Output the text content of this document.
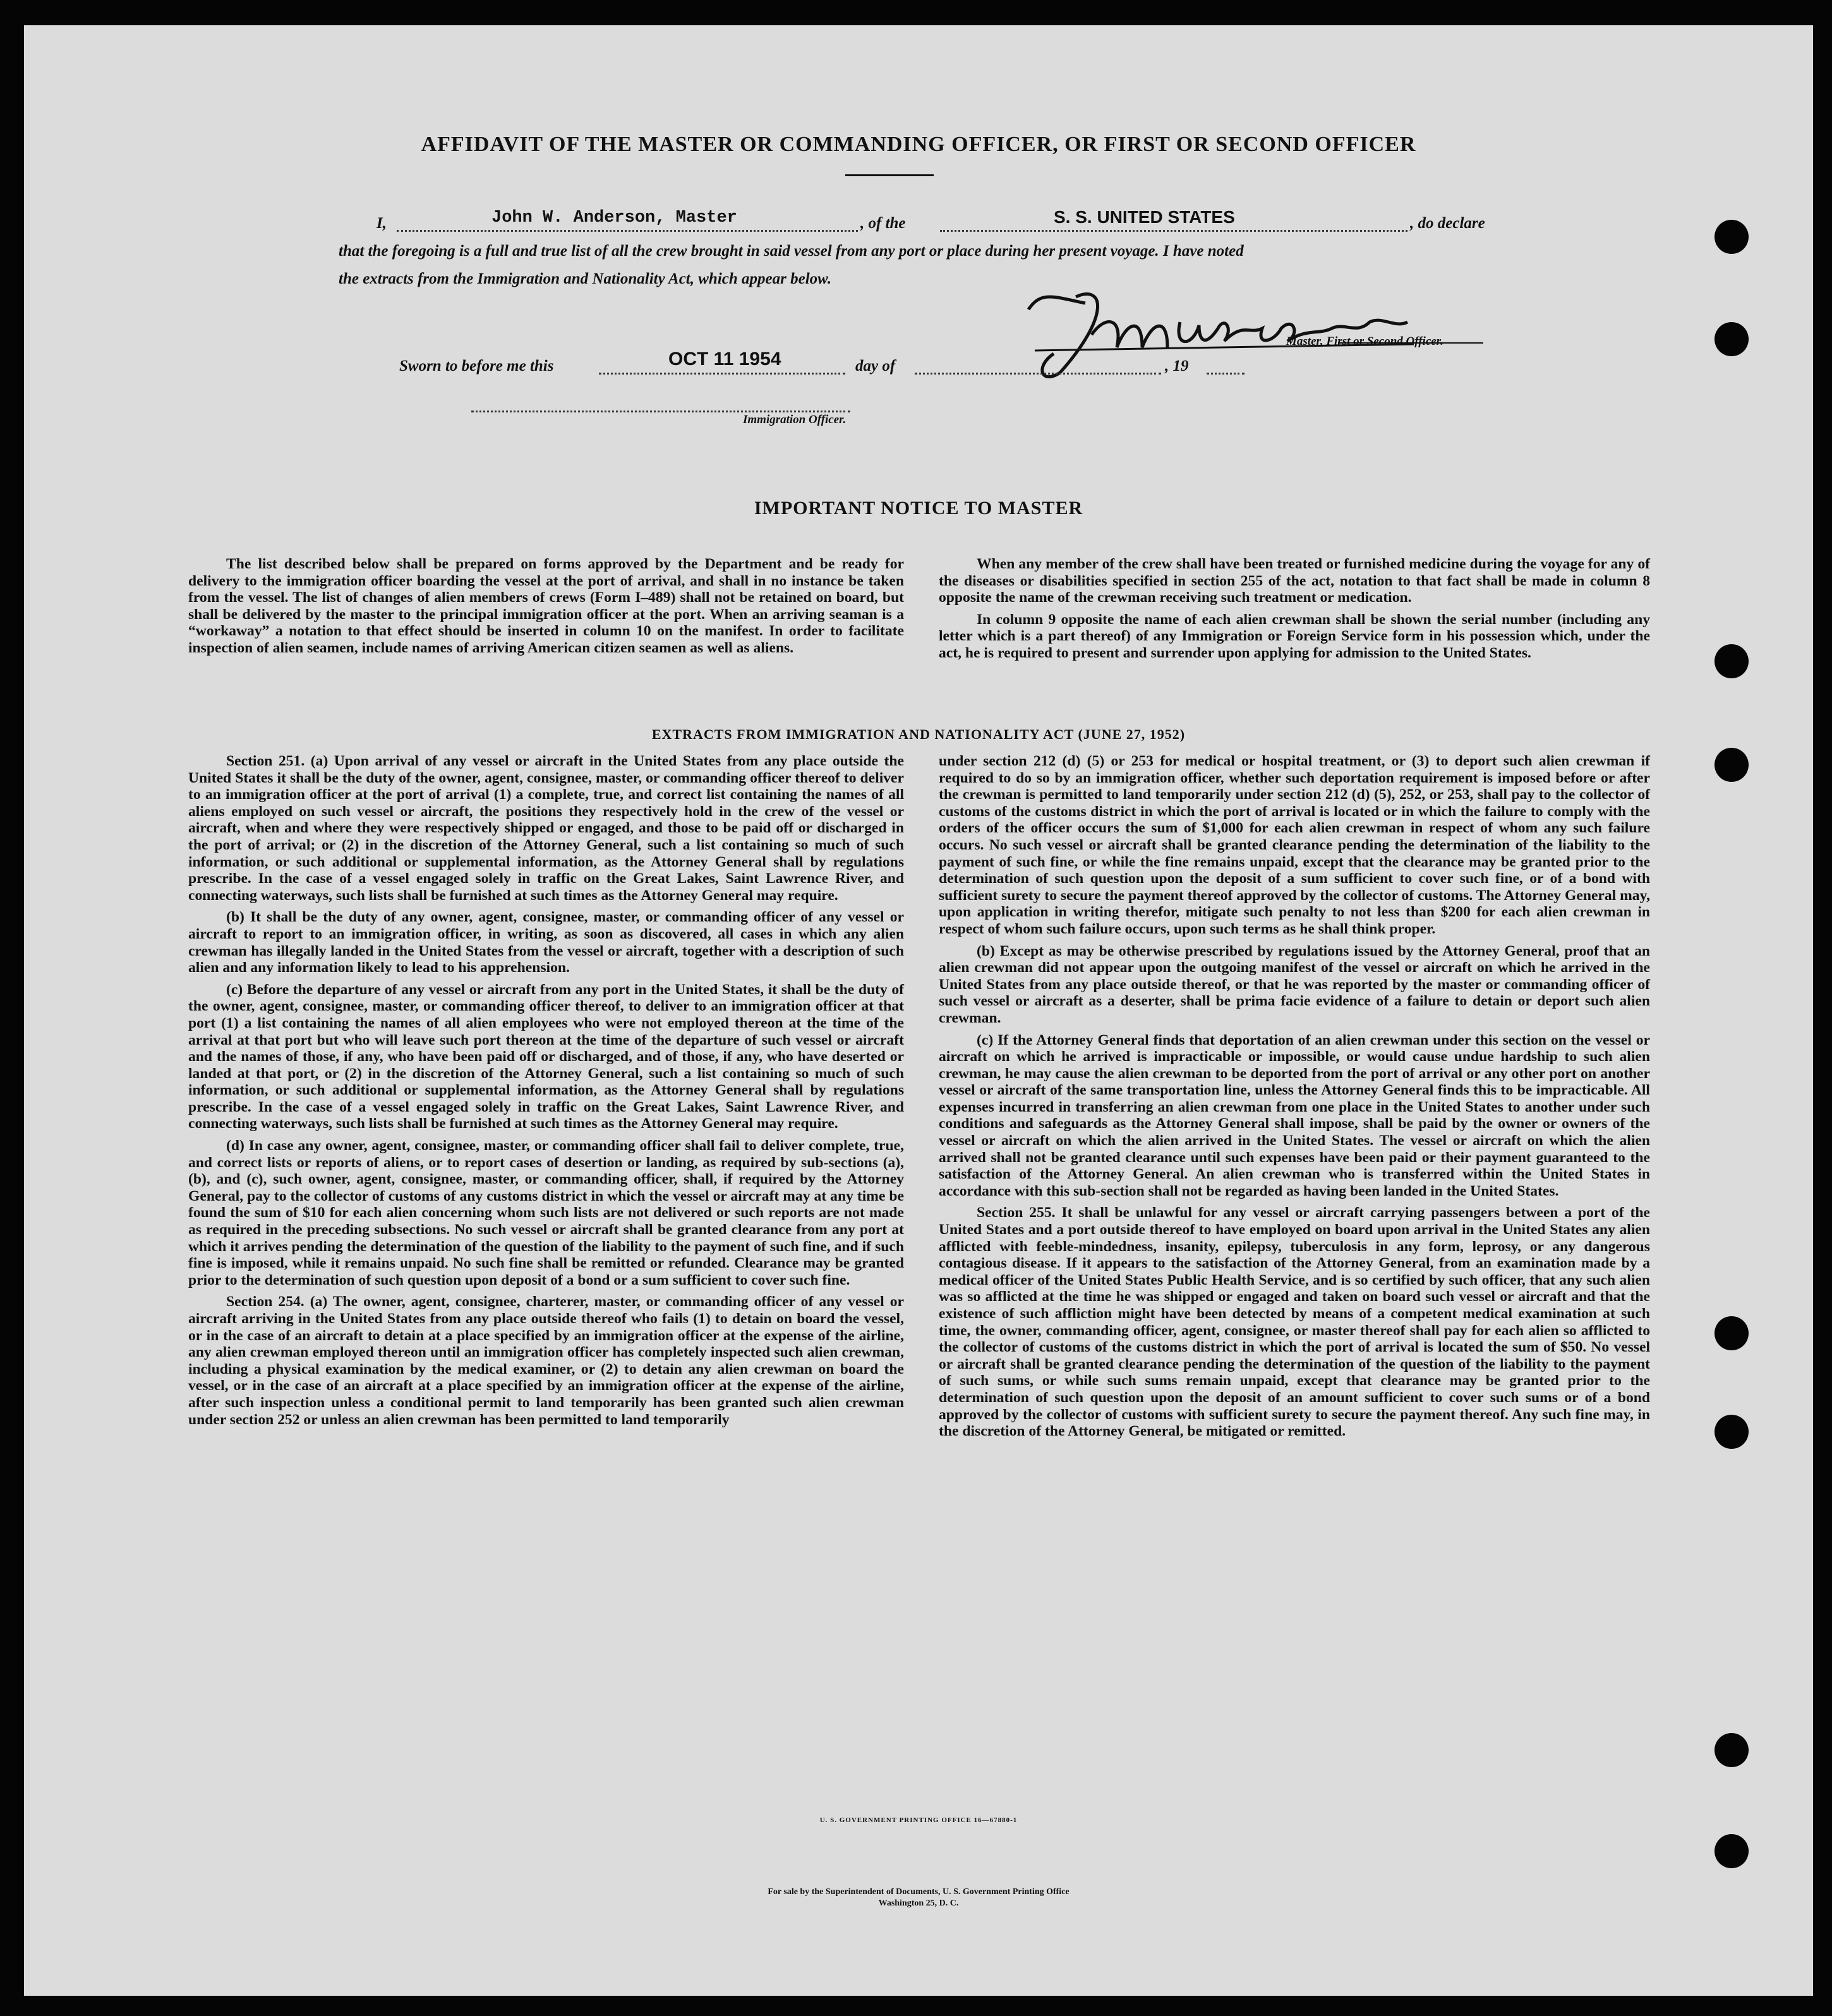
AFFIDAVIT OF THE MASTER OR COMMANDING OFFICER, OR FIRST OR SECOND OFFICER
I,	John W. Anderson, Master	, of the	S. S. UNITED STATES	, do declare
that the foregoing is a full and true list of all the crew brought in said vessel from any port or place during her present voyage. I have noted
the extracts from the Immigration and Nationality Act, which appear below.
Master, First or Second Officer.
Sworn to before me this	OCT 11 1954	day of	, 19
Immigration Officer.
IMPORTANT NOTICE TO MASTER

The list described below shall be prepared on forms approved by the Department and be ready for delivery to the immigration officer boarding the vessel at the port of arrival, and shall in no instance be taken from the vessel. The list of changes of alien members of crews (Form I–489) shall not be retained on board, but shall be delivered by the master to the principal immigration officer at the port. When an arriving seaman is a “workaway” a notation to that effect should be inserted in column 10 on the manifest. In order to facilitate inspection of alien seamen, include names of arriving American citizen seamen as well as aliens.

When any member of the crew shall have been treated or furnished medicine during the voyage for any of the diseases or disabilities specified in section 255 of the act, notation to that fact shall be made in column 8 opposite the name of the crewman receiving such treatment or medication.

In column 9 opposite the name of each alien crewman shall be shown the serial number (including any letter which is a part thereof) of any Immigration or Foreign Service form in his possession which, under the act, he is required to present and surrender upon applying for admission to the United States.

EXTRACTS FROM IMMIGRATION AND NATIONALITY ACT (JUNE 27, 1952)

Section 251. (a) Upon arrival of any vessel or aircraft in the United States from any place outside the United States it shall be the duty of the owner, agent, consignee, master, or commanding officer thereof to deliver to an immigration officer at the port of arrival (1) a complete, true, and correct list containing the names of all aliens employed on such vessel or aircraft, the positions they respectively hold in the crew of the vessel or aircraft, when and where they were respectively shipped or engaged, and those to be paid off or discharged in the port of arrival; or (2) in the discretion of the Attorney General, such a list containing so much of such information, or such additional or supplemental information, as the Attorney General shall by regulations prescribe. In the case of a vessel engaged solely in traffic on the Great Lakes, Saint Lawrence River, and connecting waterways, such lists shall be furnished at such times as the Attorney General may require.

(b) It shall be the duty of any owner, agent, consignee, master, or commanding officer of any vessel or aircraft to report to an immigration officer, in writing, as soon as discovered, all cases in which any alien crewman has illegally landed in the United States from the vessel or aircraft, together with a description of such alien and any information likely to lead to his apprehension.

(c) Before the departure of any vessel or aircraft from any port in the United States, it shall be the duty of the owner, agent, consignee, master, or commanding officer thereof, to deliver to an immigration officer at that port (1) a list containing the names of all alien employees who were not employed thereon at the time of the arrival at that port but who will leave such port thereon at the time of the departure of such vessel or aircraft and the names of those, if any, who have been paid off or discharged, and of those, if any, who have deserted or landed at that port, or (2) in the discretion of the Attorney General, such a list containing so much of such information, or such additional or supplemental information, as the Attorney General shall by regulations prescribe. In the case of a vessel engaged solely in traffic on the Great Lakes, Saint Lawrence River, and connecting waterways, such lists shall be furnished at such times as the Attorney General may require.

(d) In case any owner, agent, consignee, master, or commanding officer shall fail to deliver complete, true, and correct lists or reports of aliens, or to report cases of desertion or landing, as required by sub-sections (a), (b), and (c), such owner, agent, consignee, master, or commanding officer, shall, if required by the Attorney General, pay to the collector of customs of any customs district in which the vessel or aircraft may at any time be found the sum of $10 for each alien concerning whom such lists are not delivered or such reports are not made as required in the preceding subsections. No such vessel or aircraft shall be granted clearance from any port at which it arrives pending the determination of the question of the liability to the payment of such fine, and if such fine is imposed, while it remains unpaid. No such fine shall be remitted or refunded. Clearance may be granted prior to the determination of such question upon deposit of a bond or a sum sufficient to cover such fine.

Section 254. (a) The owner, agent, consignee, charterer, master, or commanding officer of any vessel or aircraft arriving in the United States from any place outside thereof who fails (1) to detain on board the vessel, or in the case of an aircraft to detain at a place specified by an immigration officer at the expense of the airline, any alien crewman employed thereon until an immigration officer has completely inspected such alien crewman, including a physical examination by the medical examiner, or (2) to detain any alien crewman on board the vessel, or in the case of an aircraft at a place specified by an immigration officer at the expense of the airline, after such inspection unless a conditional permit to land temporarily has been granted such alien crewman under section 252 or unless an alien crewman has been permitted to land temporarily

under section 212 (d) (5) or 253 for medical or hospital treatment, or (3) to deport such alien crewman if required to do so by an immigration officer, whether such deportation requirement is imposed before or after the crewman is permitted to land temporarily under section 212 (d) (5), 252, or 253, shall pay to the collector of customs of the customs district in which the port of arrival is located or in which the failure to comply with the orders of the officer occurs the sum of $1,000 for each alien crewman in respect of whom any such failure occurs. No such vessel or aircraft shall be granted clearance pending the determination of the liability to the payment of such fine, or while the fine remains unpaid, except that the clearance may be granted prior to the determination of such question upon the deposit of a sum sufficient to cover such fine, or of a bond with sufficient surety to secure the payment thereof approved by the collector of customs. The Attorney General may, upon application in writing therefor, mitigate such penalty to not less than $200 for each alien crewman in respect of whom such failure occurs, upon such terms as he shall think proper.

(b) Except as may be otherwise prescribed by regulations issued by the Attorney General, proof that an alien crewman did not appear upon the outgoing manifest of the vessel or aircraft on which he arrived in the United States from any place outside thereof, or that he was reported by the master or commanding officer of such vessel or aircraft as a deserter, shall be prima facie evidence of a failure to detain or deport such alien crewman.

(c) If the Attorney General finds that deportation of an alien crewman under this section on the vessel or aircraft on which he arrived is impracticable or impossible, or would cause undue hardship to such alien crewman, he may cause the alien crewman to be deported from the port of arrival or any other port on another vessel or aircraft of the same transportation line, unless the Attorney General finds this to be impracticable. All expenses incurred in transferring an alien crewman from one place in the United States to another under such conditions and safeguards as the Attorney General shall impose, shall be paid by the owner or owners of the vessel or aircraft on which the alien arrived in the United States. The vessel or aircraft on which the alien arrived shall not be granted clearance until such expenses have been paid or their payment guaranteed to the satisfaction of the Attorney General. An alien crewman who is transferred within the United States in accordance with this sub-section shall not be regarded as having been landed in the United States.

Section 255. It shall be unlawful for any vessel or aircraft carrying passengers between a port of the United States and a port outside thereof to have employed on board upon arrival in the United States any alien afflicted with feeble-mindedness, insanity, epilepsy, tuberculosis in any form, leprosy, or any dangerous contagious disease. If it appears to the satisfaction of the Attorney General, from an examination made by a medical officer of the United States Public Health Service, and is so certified by such officer, that any such alien was so afflicted at the time he was shipped or engaged and taken on board such vessel or aircraft and that the existence of such affliction might have been detected by means of a competent medical examination at such time, the owner, commanding officer, agent, consignee, or master thereof shall pay for each alien so afflicted to the collector of customs of the customs district in which the port of arrival is located the sum of $50. No vessel or aircraft shall be granted clearance pending the determination of the question of the liability to the payment of such sums, or while such sums remain unpaid, except that clearance may be granted prior to the determination of such question upon the deposit of an amount sufficient to cover such sums or of a bond approved by the collector of customs with sufficient surety to secure the payment thereof. Any such fine may, in the discretion of the Attorney General, be mitigated or remitted.

U. S. GOVERNMENT PRINTING OFFICE 16—67880-1
For sale by the Superintendent of Documents, U. S. Government Printing Office
Washington 25, D. C.
